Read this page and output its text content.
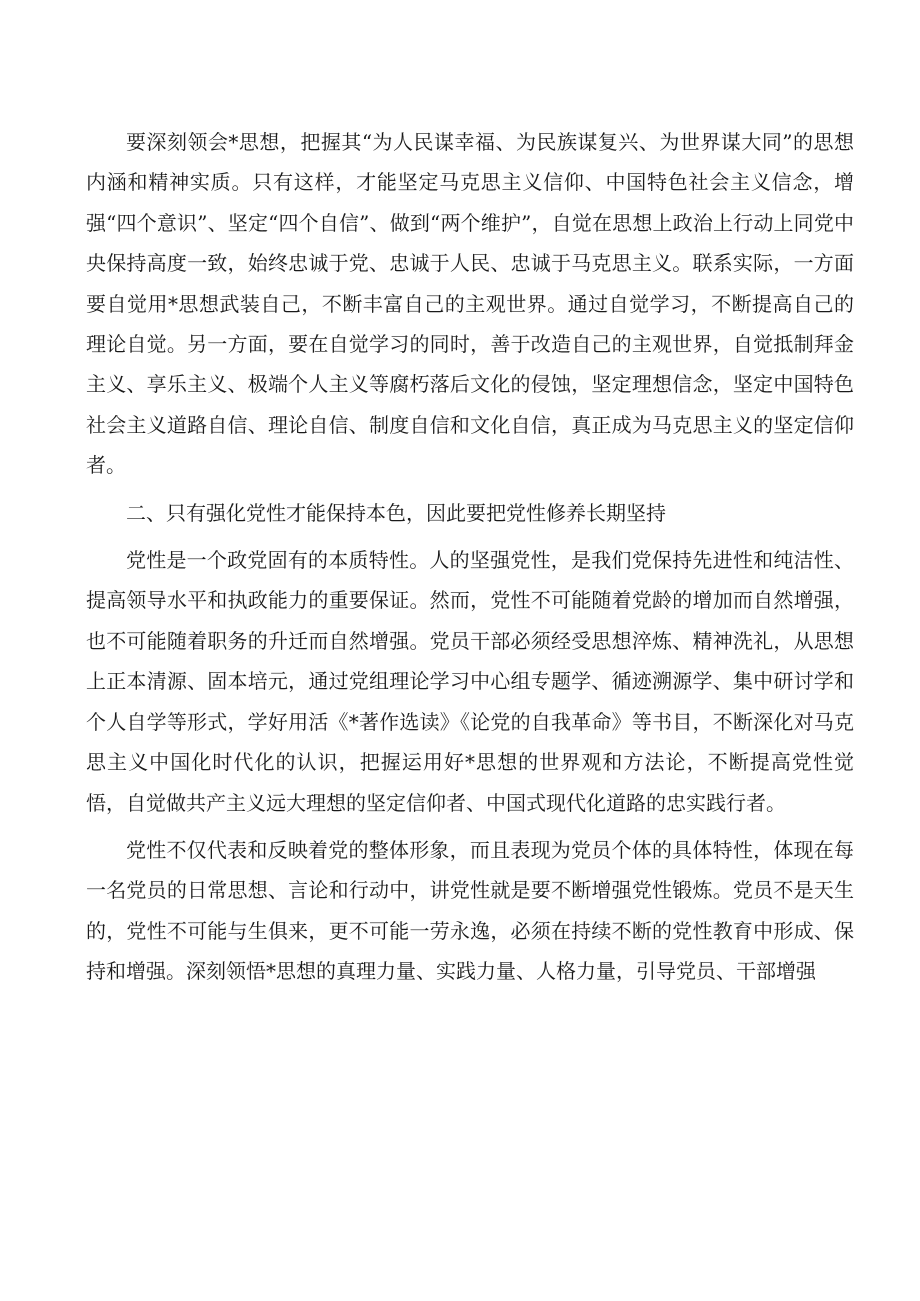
要深刻领会*思想，把握其“为人民谋幸福、为民族谋复兴、为世界谋大同”的思想内涵和精神实质。只有这样，才能坚定马克思主义信仰、中国特色社会主义信念，增强“四个意识”、坚定“四个自信”、做到“两个维护”，自觉在思想上政治上行动上同党中央保持高度一致，始终忠诚于党、忠诚于人民、忠诚于马克思主义。联系实际，一方面要自觉用*思想武装自己，不断丰富自己的主观世界。通过自觉学习，不断提高自己的理论自觉。另一方面，要在自觉学习的同时，善于改造自己的主观世界，自觉抵制拜金主义、享乐主义、极端个人主义等腐朽落后文化的侵蚀，坚定理想信念，坚定中国特色社会主义道路自信、理论自信、制度自信和文化自信，真正成为马克思主义的坚定信仰者。

二、只有强化党性才能保持本色，因此要把党性修养长期坚持

党性是一个政党固有的本质特性。人的坚强党性，是我们党保持先进性和纯洁性、提高领导水平和执政能力的重要保证。然而，党性不可能随着党龄的增加而自然增强，也不可能随着职务的升迁而自然增强。党员干部必须经受思想淬炼、精神洗礼，从思想上正本清源、固本培元，通过党组理论学习中心组专题学、循迹溯源学、集中研讨学和个人自学等形式，学好用活《*著作选读》《论党的自我革命》等书目，不断深化对马克思主义中国化时代化的认识，把握运用好*思想的世界观和方法论，不断提高党性觉悟，自觉做共产主义远大理想的坚定信仰者、中国式现代化道路的忠实践行者。

党性不仅代表和反映着党的整体形象，而且表现为党员个体的具体特性，体现在每一名党员的日常思想、言论和行动中，讲党性就是要不断增强党性锻炼。党员不是天生的，党性不可能与生俱来，更不可能一劳永逸，必须在持续不断的党性教育中形成、保持和增强。深刻领悟*思想的真理力量、实践力量、人格力量，引导党员、干部增强
